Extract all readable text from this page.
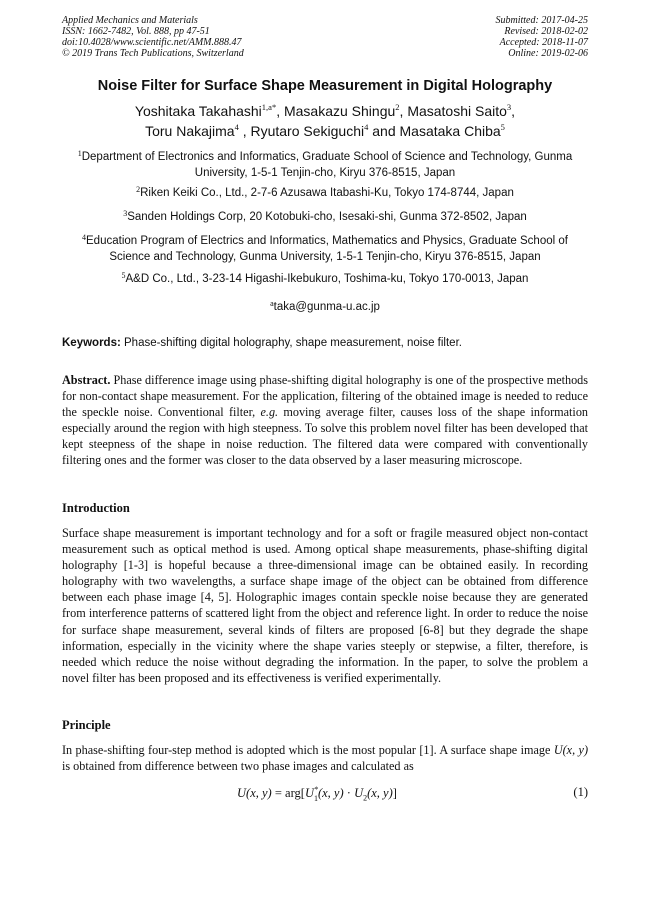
Applied Mechanics and Materials
ISSN: 1662-7482, Vol. 888, pp 47-51
doi:10.4028/www.scientific.net/AMM.888.47
© 2019 Trans Tech Publications, Switzerland
Submitted: 2017-04-25
Revised: 2018-02-02
Accepted: 2018-11-07
Online: 2019-02-06
Noise Filter for Surface Shape Measurement in Digital Holography
Yoshitaka Takahashi$^{1,a*}$, Masakazu Shingu$^2$, Masatoshi Saito$^3$,
Toru Nakajima$^4$ , Ryutaro Sekiguchi$^4$ and Masataka Chiba$^5$
$^1$Department of Electronics and Informatics, Graduate School of Science and Technology, Gunma University, 1-5-1 Tenjin-cho, Kiryu 376-8515, Japan
$^2$Riken Keiki Co., Ltd., 2-7-6 Azusawa Itabashi-Ku, Tokyo 174-8744, Japan
$^3$Sanden Holdings Corp, 20 Kotobuki-cho, Isesaki-shi, Gunma 372-8502, Japan
$^4$Education Program of Electrics and Informatics, Mathematics and Physics, Graduate School of Science and Technology, Gunma University, 1-5-1 Tenjin-cho, Kiryu 376-8515, Japan
$^5$A&D Co., Ltd., 3-23-14 Higashi-Ikebukuro, Toshima-ku, Tokyo 170-0013, Japan
$^a$taka@gunma-u.ac.jp
Keywords: Phase-shifting digital holography, shape measurement, noise filter.
Abstract. Phase difference image using phase-shifting digital holography is one of the prospective methods for non-contact shape measurement. For the application, filtering of the obtained image is needed to reduce the speckle noise. Conventional filter, e.g. moving average filter, causes loss of the shape information especially around the region with high steepness. To solve this problem novel filter has been developed that kept steepness of the shape in noise reduction. The filtered data were compared with conventionally filtering ones and the former was closer to the data observed by a laser measuring microscope.
Introduction
Surface shape measurement is important technology and for a soft or fragile measured object non-contact measurement such as optical method is used. Among optical shape measurements, phase-shifting digital holography [1-3] is hopeful because a three-dimensional image can be obtained easily. In recording holography with two wavelengths, a surface shape image of the object can be obtained from difference between each phase image [4, 5]. Holographic images contain speckle noise because they are generated from interference patterns of scattered light from the object and reference light. In order to reduce the noise for surface shape measurement, several kinds of filters are proposed [6-8] but they degrade the shape information, especially in the vicinity where the shape varies steeply or stepwise, a filter, therefore, is needed which reduce the noise without degrading the information. In the paper, to solve the problem a novel filter has been proposed and its effectiveness is verified experimentally.
Principle
In phase-shifting four-step method is adopted which is the most popular [1]. A surface shape image U(x, y) is obtained from difference between two phase images and calculated as
U(x, $y) = arg[U^*_1(x$, $y) \cdot U_2(x$, y)]	(1)
